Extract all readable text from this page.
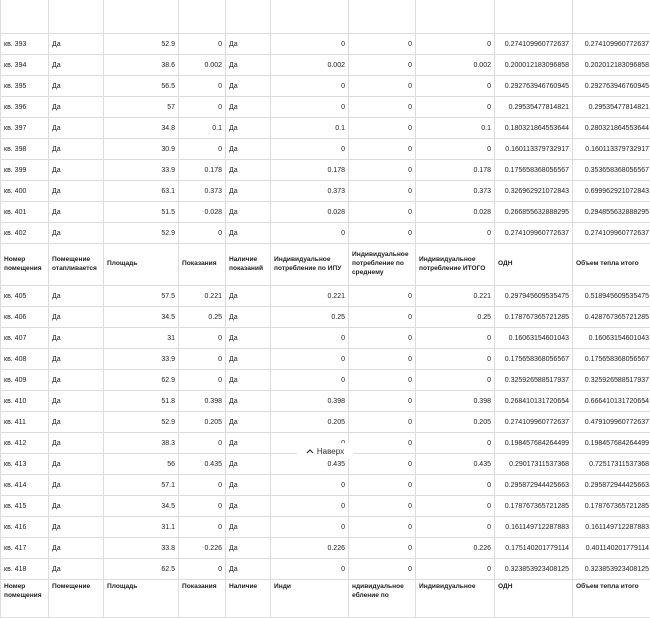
кв. 393	Да	52.9	0	Да	0	0	0	0.274109960772637	0.274109960772637
кв. 394	Да	38.6	0.002	Да	0.002	0	0.002	0.200012183096858	0.202012183096858
кв. 395	Да	56.5	0	Да	0	0	0	0.292763946760945	0.292763946760945
кв. 396	Да	57	0	Да	0	0	0	0.29535477814821	0.29535477814821
кв. 397	Да	34.8	0.1	Да	0.1	0	0.1	0.180321864553644	0.280321864553644
кв. 398	Да	30.9	0	Да	0	0	0	0.160113379732917	0.160113379732917
кв. 399	Да	33.9	0.178	Да	0.178	0	0.178	0.175658368056567	0.353658368056567
кв. 400	Да	63.1	0.373	Да	0.373	0	0.373	0.326962921072843	0.699962921072843
кв. 401	Да	51.5	0.028	Да	0.028	0	0.028	0.266855632888295	0.294855632888295
кв. 402	Да	52.9	0	Да	0	0	0	0.274109960772637	0.274109960772637
Номер помещения	Помещение отапливается	Площадь	Показания	Наличие показаний	Индивидуальное потребление по ИПУ	Индивидуальное потребление по среднему	Индивидуальное потребление ИТОГО	ОДН	Объем тепла итого
кв. 405	Да	57.5	0.221	Да	0.221	0	0.221	0.297945609535475	0.518945609535475
кв. 406	Да	34.5	0.25	Да	0.25	0	0.25	0.178767365721285	0.428767365721285
кв. 407	Да	31	0	Да	0	0	0	0.16063154601043	0.16063154601043
кв. 408	Да	33.9	0	Да	0	0	0	0.175658368056567	0.175658368056567
кв. 409	Да	62.9	0	Да	0	0	0	0.325926588517937	0.325926588517937
кв. 410	Да	51.8	0.398	Да	0.398	0	0.398	0.268410131720654	0.666410131720654
кв. 411	Да	52.9	0.205	Да	0.205	0	0.205	0.274109960772637	0.479109960772637
кв. 412	Да	38.3	0	Да		0	0	0.198457684264499	0.198457684264499
кв. 413	Да	56	0.435	Да	0.435	0	0.435	0.29017311537368	0.72517311537368
кв. 414	Да	57.1	0	Да	0	0	0	0.295872944425663	0.295872944425663
кв. 415	Да	34.5	0	Да	0	0	0	0.178767365721285	0.178767365721285
кв. 416	Да	31.1	0	Да	0	0	0	0.161149712287883	0.161149712287883
кв. 417	Да	33.8	0.226	Да	0.226	0	0.226	0.175140201779114	0.401140201779114
кв. 418	Да	62.5	0	Да	0	0	0	0.323853923408125	0.323853923408125
Номер помещения	Помещение	Площадь	Показания	Наличие	Инди	ндивидуальное ебление по	Индивидуальное	ОДН	Объем тепла итого
Наверх
